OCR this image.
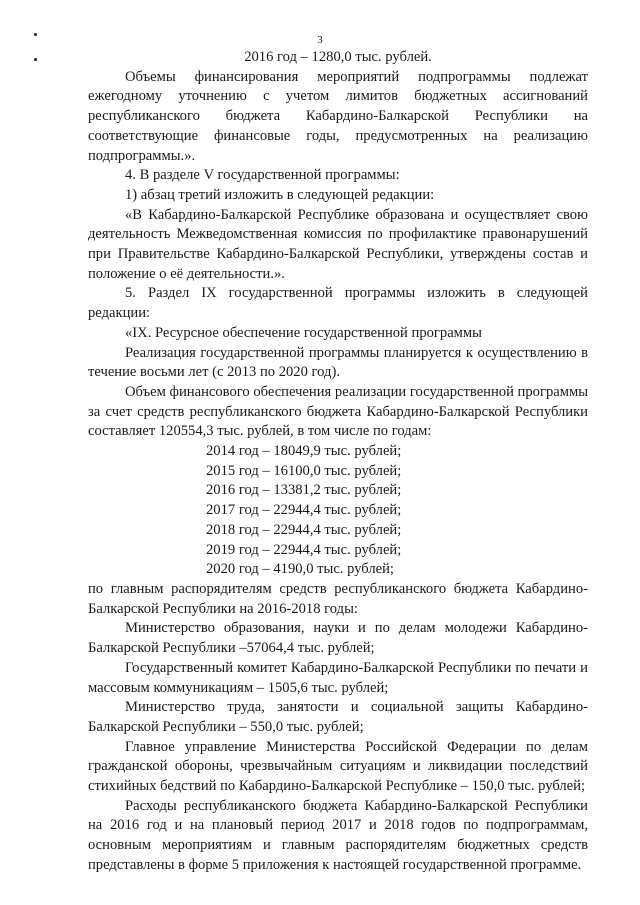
3

2016 год – 1280,0 тыс. рублей.

Объемы финансирования мероприятий подпрограммы подлежат ежегодному уточнению с учетом лимитов бюджетных ассигнований республиканского бюджета Кабардино-Балкарской Республики на соответствующие финансовые годы, предусмотренных на реализацию подпрограммы.».

4. В разделе V государственной программы:

1) абзац третий изложить в следующей редакции:

«В Кабардино-Балкарской Республике образована и осуществляет свою деятельность Межведомственная комиссия по профилактике правонарушений при Правительстве Кабардино-Балкарской Республики, утверждены состав и положение о её деятельности.».

5. Раздел IX государственной программы изложить в следующей редакции:

«IX. Ресурсное обеспечение государственной программы

Реализация государственной программы планируется к осуществлению в течение восьми лет (с 2013 по 2020 год).

Объем финансового обеспечения реализации государственной программы за счет средств республиканского бюджета Кабардино-Балкарской Республики составляет 120554,3 тыс. рублей, в том числе по годам:

2014 год – 18049,9 тыс. рублей;
2015 год – 16100,0 тыс. рублей;
2016 год – 13381,2 тыс. рублей;
2017 год – 22944,4 тыс. рублей;
2018 год – 22944,4 тыс. рублей;
2019 год – 22944,4 тыс. рублей;
2020 год – 4190,0 тыс. рублей;

по главным распорядителям средств республиканского бюджета Кабардино-Балкарской Республики на 2016-2018 годы:

Министерство образования, науки и по делам молодежи Кабардино-Балкарской Республики –57064,4 тыс. рублей;

Государственный комитет Кабардино-Балкарской Республики по печати и массовым коммуникациям – 1505,6 тыс. рублей;

Министерство труда, занятости и социальной защиты Кабардино-Балкарской Республики – 550,0 тыс. рублей;

Главное управление Министерства Российской Федерации по делам гражданской обороны, чрезвычайным ситуациям и ликвидации последствий стихийных бедствий по Кабардино-Балкарской Республике – 150,0 тыс. рублей;

Расходы республиканского бюджета Кабардино-Балкарской Республики на 2016 год и на плановый период 2017 и 2018 годов по подпрограммам, основным мероприятиям и главным распорядителям бюджетных средств представлены в форме 5 приложения к настоящей государственной программе.
